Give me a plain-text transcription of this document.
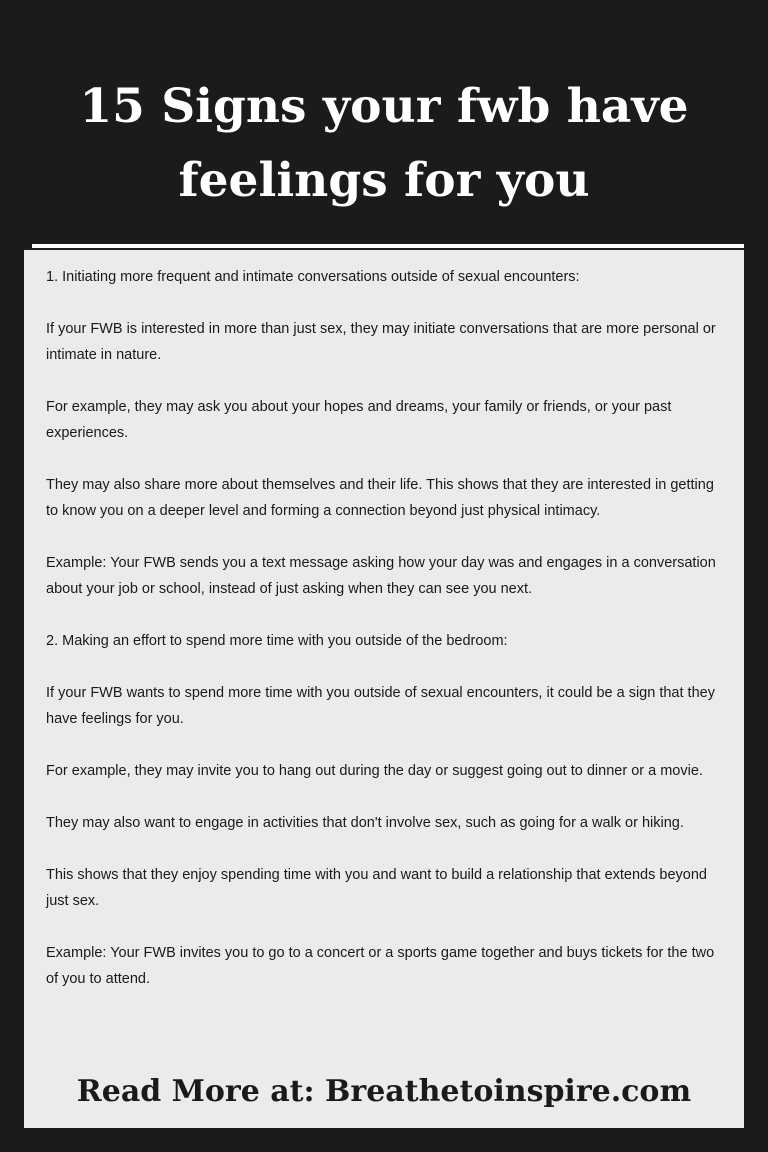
15 Signs your fwb have
feelings for you

1. Initiating more frequent and intimate conversations outside of sexual encounters:

If your FWB is interested in more than just sex, they may initiate conversations that are more personal or intimate in nature.

For example, they may ask you about your hopes and dreams, your family or friends, or your past experiences.

They may also share more about themselves and their life. This shows that they are interested in getting to know you on a deeper level and forming a connection beyond just physical intimacy.

Example: Your FWB sends you a text message asking how your day was and engages in a conversation about your job or school, instead of just asking when they can see you next.

2. Making an effort to spend more time with you outside of the bedroom:

If your FWB wants to spend more time with you outside of sexual encounters, it could be a sign that they have feelings for you.

For example, they may invite you to hang out during the day or suggest going out to dinner or a movie.

They may also want to engage in activities that don't involve sex, such as going for a walk or hiking.

This shows that they enjoy spending time with you and want to build a relationship that extends beyond just sex.

Example: Your FWB invites you to go to a concert or a sports game together and buys tickets for the two of you to attend.

Read More at: Breathetoinspire.com
